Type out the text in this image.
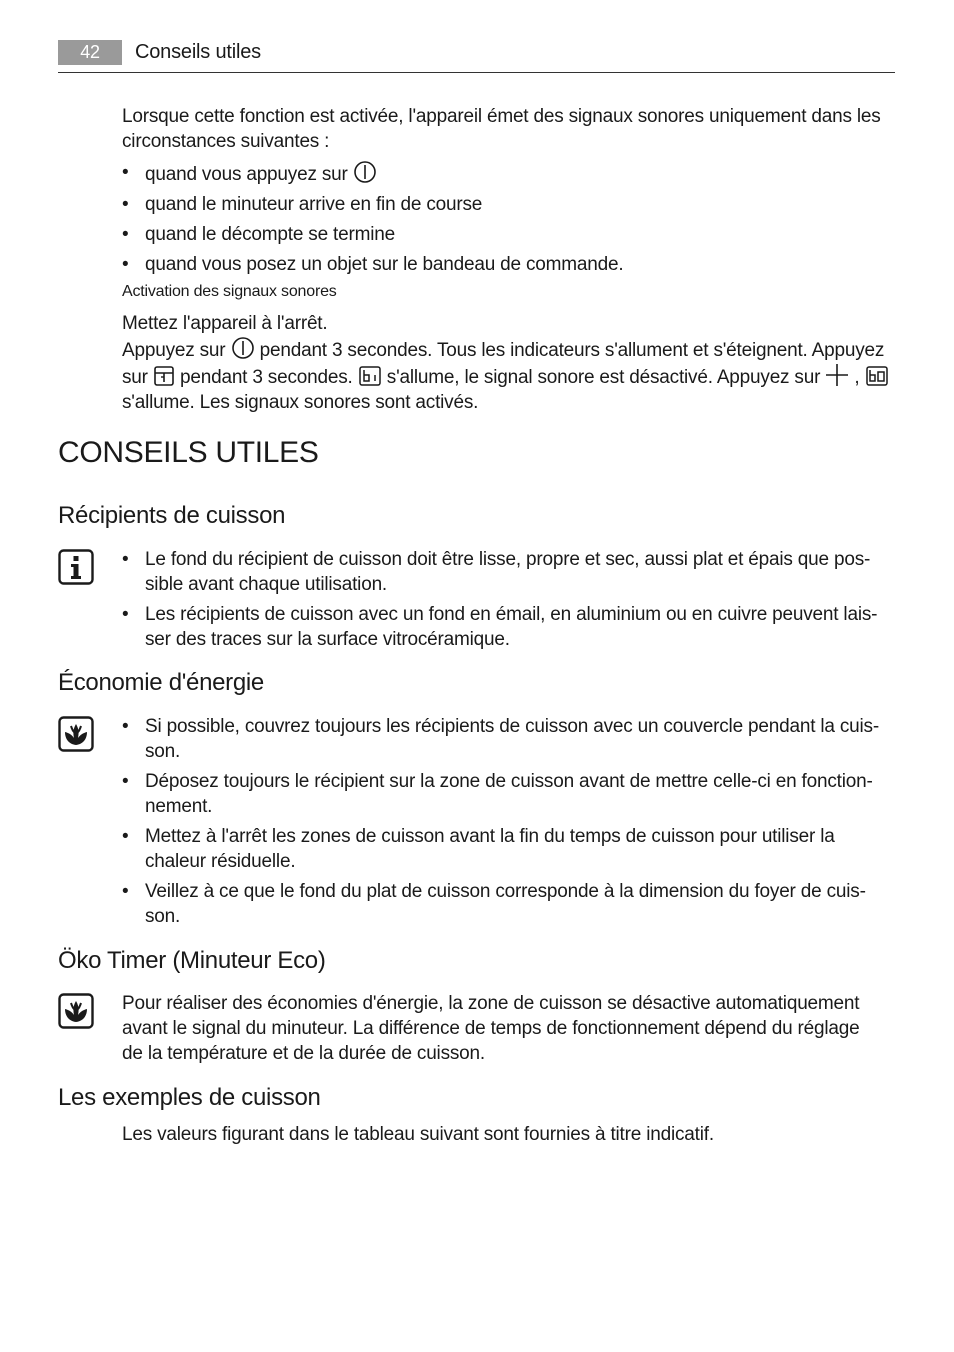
42	Conseils utiles
Lorsque cette fonction est activée, l'appareil émet des signaux sonores uniquement dans les circonstances suivantes :
• quand vous appuyez sur
• quand le minuteur arrive en fin de course
• quand le décompte se termine
• quand vous posez un objet sur le bandeau de commande.
Activation des signaux sonores
Mettez l'appareil à l'arrêt.
Appuyez sur pendant 3 secondes. Tous les indicateurs s'allument et s'éteignent. Appuyez
sur pendant 3 secondes. s'allume, le signal sonore est désactivé. Appuyez sur ,
s'allume. Les signaux sonores sont activés.
CONSEILS UTILES
Récipients de cuisson
• Le fond du récipient de cuisson doit être lisse, propre et sec, aussi plat et épais que pos-
sible avant chaque utilisation.
• Les récipients de cuisson avec un fond en émail, en aluminium ou en cuivre peuvent lais-
ser des traces sur la surface vitrocéramique.
Économie d'énergie
• Si possible, couvrez toujours les récipients de cuisson avec un couvercle pendant la cuis-
son.
• Déposez toujours le récipient sur la zone de cuisson avant de mettre celle-ci en fonction-
nement.
• Mettez à l'arrêt les zones de cuisson avant la fin du temps de cuisson pour utiliser la
chaleur résiduelle.
• Veillez à ce que le fond du plat de cuisson corresponde à la dimension du foyer de cuis-
son.
Öko Timer (Minuteur Eco)
Pour réaliser des économies d'énergie, la zone de cuisson se désactive automatiquement
avant le signal du minuteur. La différence de temps de fonctionnement dépend du réglage
de la température et de la durée de cuisson.
Les exemples de cuisson
Les valeurs figurant dans le tableau suivant sont fournies à titre indicatif.
